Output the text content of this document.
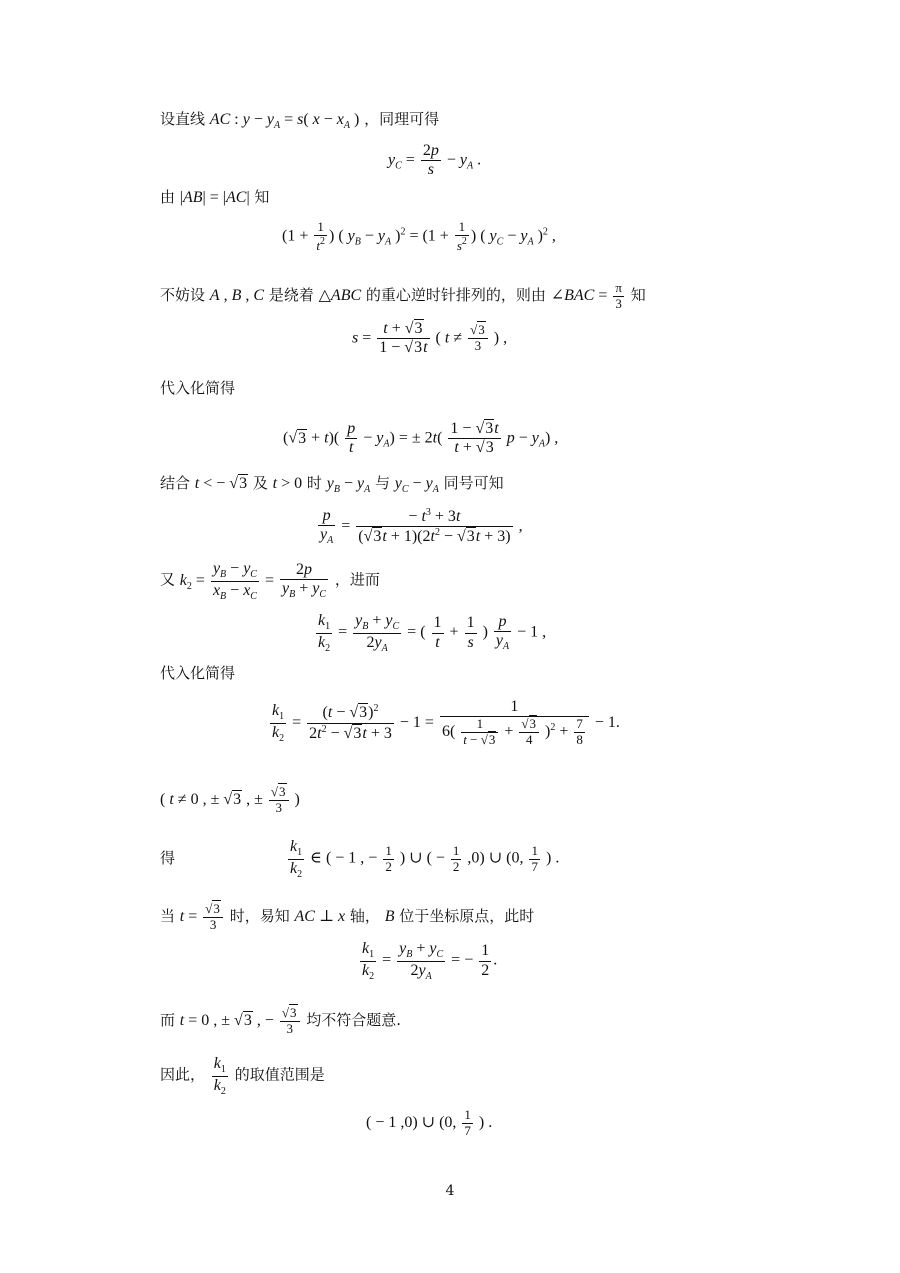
设直线 AC : $y - y_A = s$( $x - x_A$ ) ，同理可得
$y_C = \frac{2p}{s} - y_A$ .
由 |AB| = |AC| 知
($1 + \frac{1}{t^2}$ ) ( $y_B - y_A$ )$^2 = (1 + \frac{1}{s^2}$ ) ( $y_C - y_A$ )$^2$ ,
不妨设 A , B , C 是绕着 △ABC 的重心逆时针排列的，则由 ∠BAC = $\frac{\pi}{3}$ 知
$s = \frac{t + √3}{1 - √3t}$ ( $t \ne \frac{√3}{3}$ ) ,
代入化简得
$(√3 + t)( \frac{p}{t} - y_A)$ = ± $2t( \frac{1 - √3t}{t + √3}$ $p - y_A$) ,
结合 t < − √3 及 t > 0 时 $y_B - y_A$ 与 $y_C - y_A$ 同号可知
$\frac{p}{y_A} = \frac{- t^3 + 3t}{(√3t + 1)(2t^2 - √3t + 3)}$ ,
又 $k_2 = \frac{y_B - y_C}{x_B - x_C} = \frac{2p}{y_B + y_C}$ ，进而
$\frac{k_1}{k_2} = \frac{y_B + y_C}{2y_A}$ = ( $\frac{1}{t} + \frac{1}{s}$ ) $\frac{p}{y_A} - 1$ ,
代入化简得
$\frac{k_1}{k_2} = \frac{(t - √3)^2}{2t^2 - √3t + 3} - 1 = \frac{1}{6( \frac{1}{t - √3} + \frac{√3}{4} )^2 + \frac{7}{8}} - 1$.
( t ≠ 0 , ± √3 , ± $\frac{√3}{3}$ )
得	$\frac{k_1}{k_2}$ ∈ ( − 1 , − $\frac{1}{2}$ ) ∪ ( − $\frac{1}{2} ,0$) ∪ (0, $\frac{1}{7}$ ) .
当 $t = \frac{√3}{3}$ 时，易知 AC ⊥ x 轴， B 位于坐标原点，此时
$\frac{k_1}{k_2} = \frac{y_B + y_C}{2y_A}$ = − $\frac{1}{2}$ .
而 t = 0 , ± √3 , − $\frac{√3}{3}$ 均不符合题意.
因此， $\frac{k_1}{k_2}$ 的取值范围是
( − 1 ,0) ∪ (0, $\frac{1}{7}$ ) .
4
